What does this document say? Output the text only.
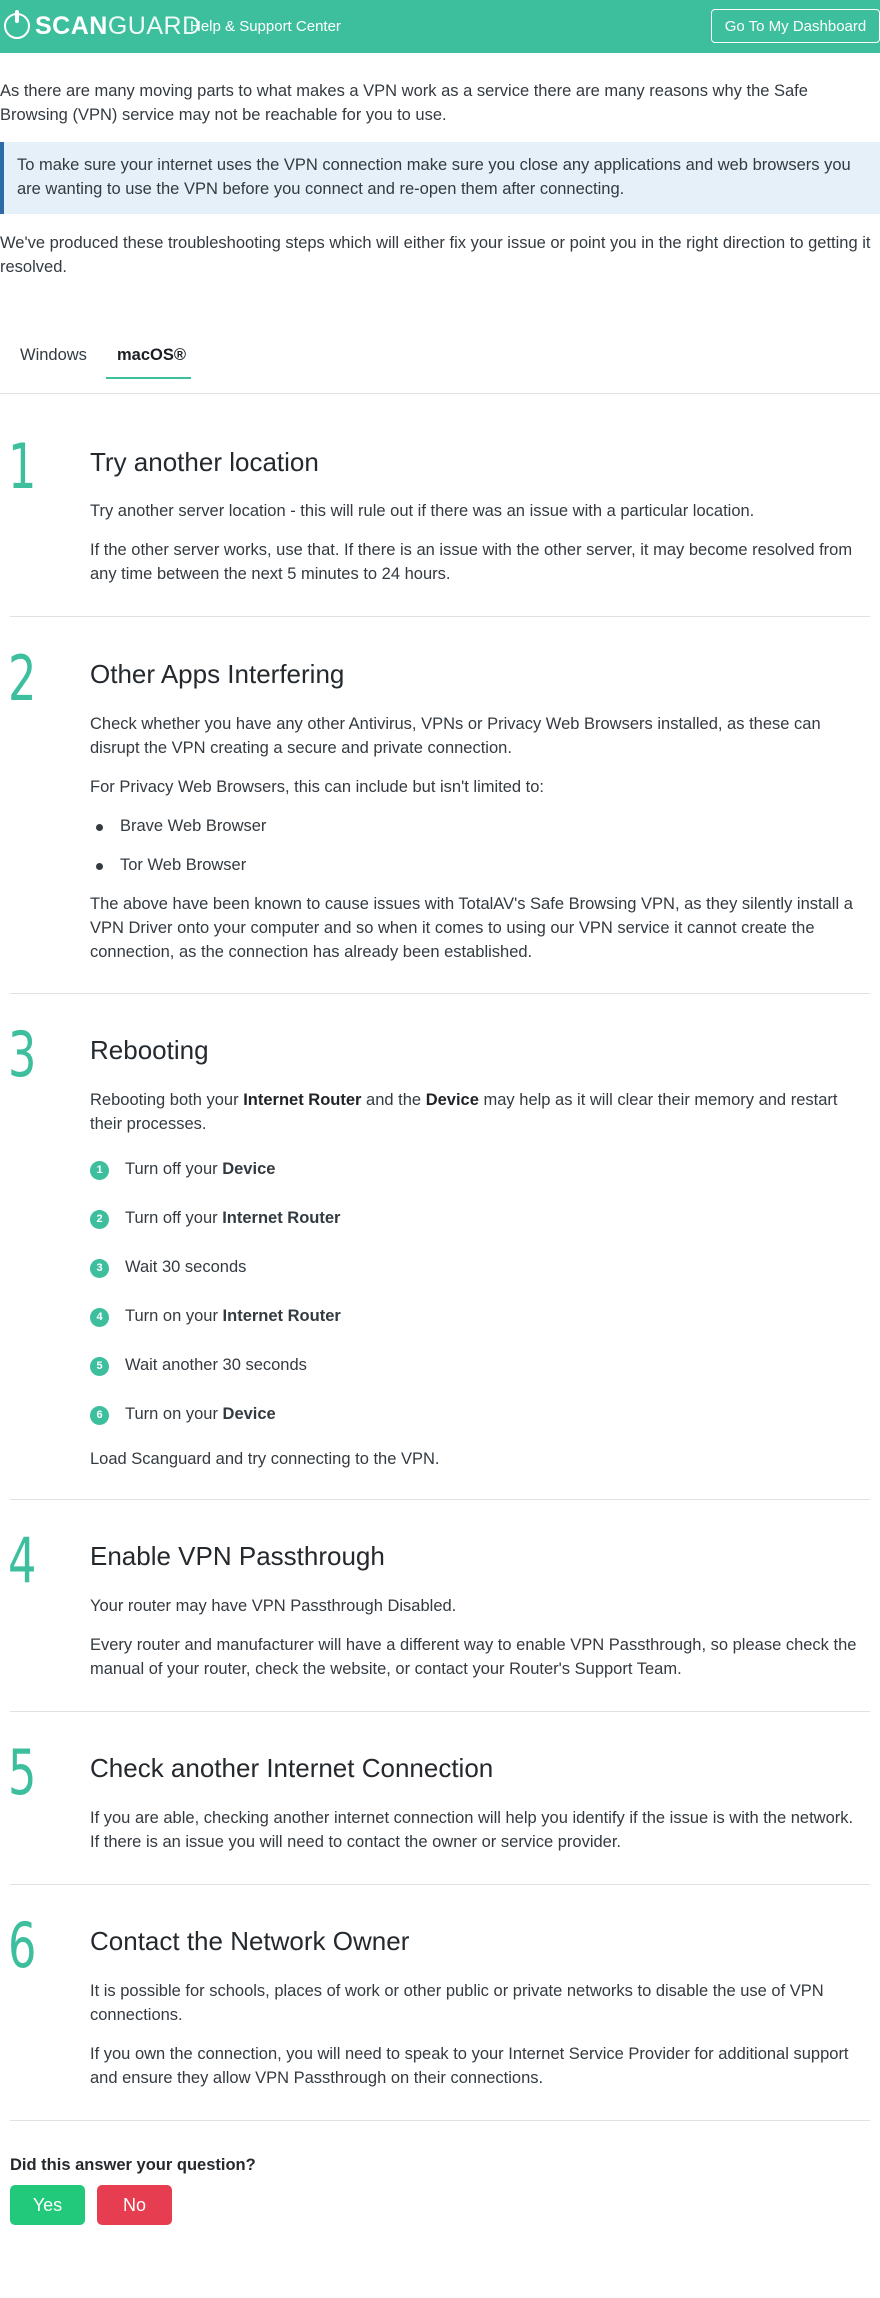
SCANGUARD
Help & Support Center	Go To My Dashboard
As there are many moving parts to what makes a VPN work as a service there are many reasons why the Safe Browsing (VPN) service may not be reachable for you to use.
To make sure your internet uses the VPN connection make sure you close any applications and web browsers you are wanting to use the VPN before you connect and re-open them after connecting.
We've produced these troubleshooting steps which will either fix your issue or point you in the right direction to getting it resolved.
Windows	macOS®
1 Try another location
Try another server location - this will rule out if there was an issue with a particular location.
If the other server works, use that. If there is an issue with the other server, it may become resolved from any time between the next 5 minutes to 24 hours.
2 Other Apps Interfering
Check whether you have any other Antivirus, VPNs or Privacy Web Browsers installed, as these can disrupt the VPN creating a secure and private connection.
For Privacy Web Browsers, this can include but isn't limited to:
Brave Web Browser
Tor Web Browser
The above have been known to cause issues with TotalAV's Safe Browsing VPN, as they silently install a VPN Driver onto your computer and so when it comes to using our VPN service it cannot create the connection, as the connection has already been established.
3 Rebooting
Rebooting both your Internet Router and the Device may help as it will clear their memory and restart their processes.
1	Turn off your Device
2	Turn off your Internet Router
3	Wait 30 seconds
4	Turn on your Internet Router
5	Wait another 30 seconds
6	Turn on your Device
Load Scanguard and try connecting to the VPN.
4 Enable VPN Passthrough
Your router may have VPN Passthrough Disabled.
Every router and manufacturer will have a different way to enable VPN Passthrough, so please check the manual of your router, check the website, or contact your Router's Support Team.
5 Check another Internet Connection
If you are able, checking another internet connection will help you identify if the issue is with the network. If there is an issue you will need to contact the owner or service provider.
6 Contact the Network Owner
It is possible for schools, places of work or other public or private networks to disable the use of VPN connections.
If you own the connection, you will need to speak to your Internet Service Provider for additional support and ensure they allow VPN Passthrough on their connections.
Did this answer your question?
Yes	No
